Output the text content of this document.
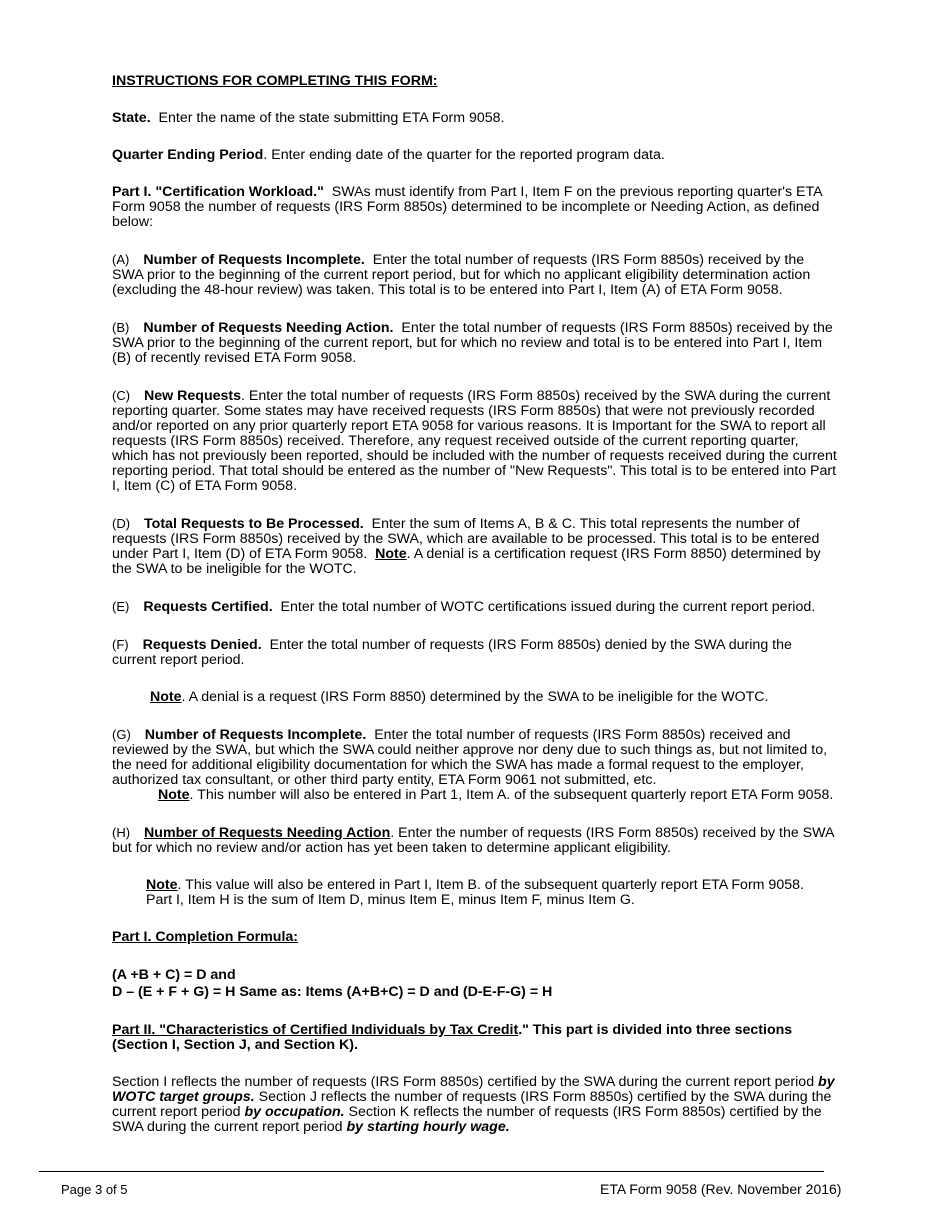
INSTRUCTIONS FOR COMPLETING THIS FORM:

State. Enter the name of the state submitting ETA Form 9058.

Quarter Ending Period. Enter ending date of the quarter for the reported program data.

Part I. "Certification Workload." SWAs must identify from Part I, Item F on the previous reporting quarter's ETA Form 9058 the number of requests (IRS Form 8850s) determined to be incomplete or Needing Action, as defined below:

(A) Number of Requests Incomplete. Enter the total number of requests (IRS Form 8850s) received by the SWA prior to the beginning of the current report period, but for which no applicant eligibility determination action (excluding the 48-hour review) was taken. This total is to be entered into Part I, Item (A) of ETA Form 9058.

(B) Number of Requests Needing Action. Enter the total number of requests (IRS Form 8850s) received by the SWA prior to the beginning of the current report, but for which no review and total is to be entered into Part I, Item (B) of recently revised ETA Form 9058.

(C) New Requests. Enter the total number of requests (IRS Form 8850s) received by the SWA during the current reporting quarter. Some states may have received requests (IRS Form 8850s) that were not previously recorded and/or reported on any prior quarterly report ETA 9058 for various reasons. It is Important for the SWA to report all requests (IRS Form 8850s) received. Therefore, any request received outside of the current reporting quarter, which has not previously been reported, should be included with the number of requests received during the current reporting period. That total should be entered as the number of "New Requests". This total is to be entered into Part I, Item (C) of ETA Form 9058.

(D) Total Requests to Be Processed. Enter the sum of Items A, B & C. This total represents the number of requests (IRS Form 8850s) received by the SWA, which are available to be processed. This total is to be entered under Part I, Item (D) of ETA Form 9058. Note. A denial is a certification request (IRS Form 8850) determined by the SWA to be ineligible for the WOTC.

(E) Requests Certified. Enter the total number of WOTC certifications issued during the current report period.

(F) Requests Denied. Enter the total number of requests (IRS Form 8850s) denied by the SWA during the current report period.

Note. A denial is a request (IRS Form 8850) determined by the SWA to be ineligible for the WOTC.

(G) Number of Requests Incomplete. Enter the total number of requests (IRS Form 8850s) received and reviewed by the SWA, but which the SWA could neither approve nor deny due to such things as, but not limited to, the need for additional eligibility documentation for which the SWA has made a formal request to the employer, authorized tax consultant, or other third party entity, ETA Form 9061 not submitted, etc.

Note. This number will also be entered in Part 1, Item A. of the subsequent quarterly report ETA Form 9058.

(H) Number of Requests Needing Action. Enter the number of requests (IRS Form 8850s) received by the SWA but for which no review and/or action has yet been taken to determine applicant eligibility.

Note. This value will also be entered in Part I, Item B. of the subsequent quarterly report ETA Form 9058.

Part I, Item H is the sum of Item D, minus Item E, minus Item F, minus Item G.

Part I. Completion Formula:

(A +B + C) = D and

D – (E + F + G) = H Same as: Items (A+B+C) = D and (D-E-F-G) = H

Part II. "Characteristics of Certified Individuals by Tax Credit." This part is divided into three sections (Section I, Section J, and Section K).

Section I reflects the number of requests (IRS Form 8850s) certified by the SWA during the current report period by WOTC target groups. Section J reflects the number of requests (IRS Form 8850s) certified by the SWA during the current report period by occupation. Section K reflects the number of requests (IRS Form 8850s) certified by the SWA during the current report period by starting hourly wage.

Page 3 of 5	ETA Form 9058 (Rev. November 2016)
